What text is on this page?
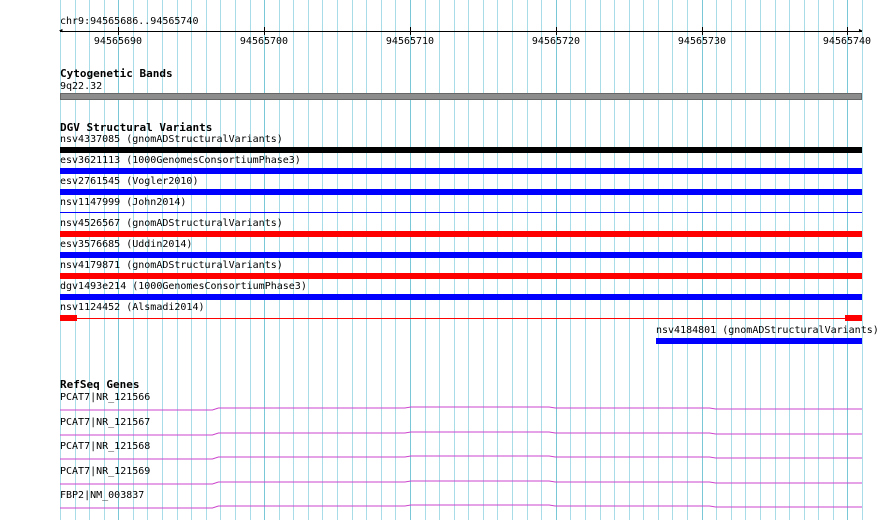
chr9:94565686..94565740
◂	▸
94565690	94565700	94565710	94565720	94565730	94565740
Cytogenetic Bands
9q22.32
DGV Structural Variants
nsv4337085 (gnomADStructuralVariants)
esv3621113 (1000GenomesConsortiumPhase3)
esv2761545 (Vogler2010)
nsv1147999 (John2014)
nsv4526567 (gnomADStructuralVariants)
esv3576685 (Uddin2014)
nsv4179871 (gnomADStructuralVariants)
dgv1493e214 (1000GenomesConsortiumPhase3)
nsv1124452 (Alsmadi2014)
nsv4184801 (gnomADStructuralVariants)
RefSeq Genes
PCAT7|NR_121566
PCAT7|NR_121567
PCAT7|NR_121568
PCAT7|NR_121569
FBP2|NM_003837
